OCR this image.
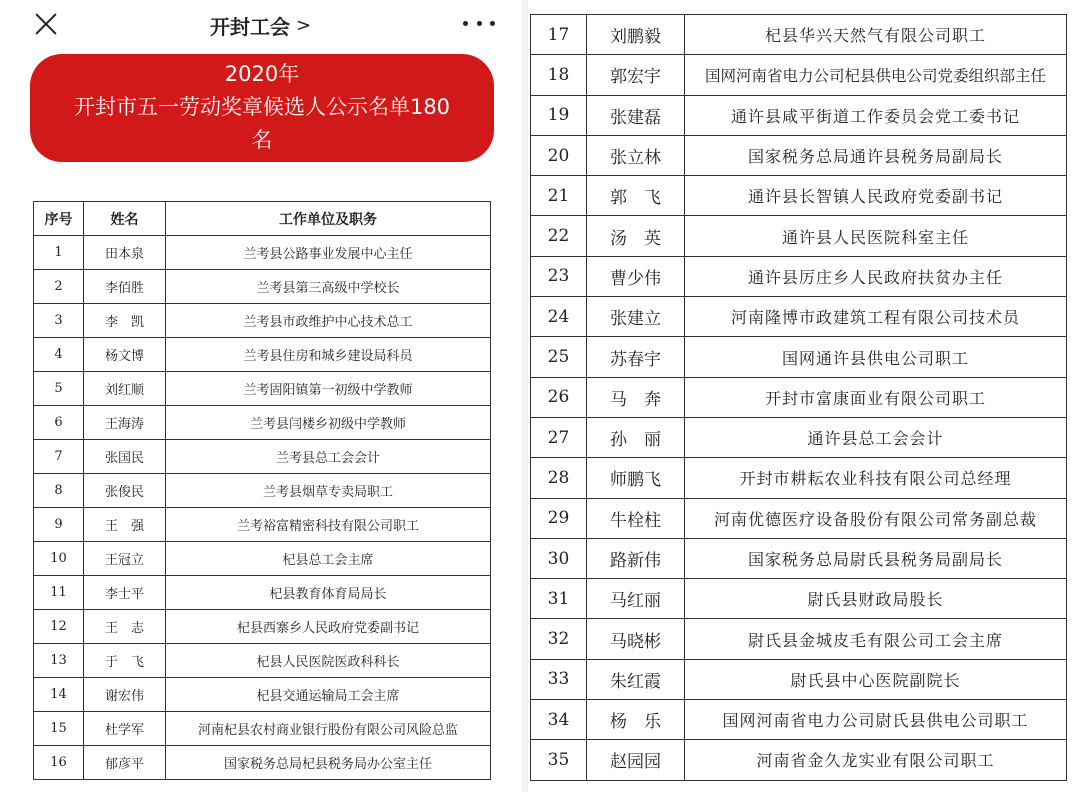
开封工会 >
2020年
开封市五一劳动奖章候选人公示名单180
名
序号	姓名	工作单位及职务
1	田本泉	兰考县公路事业发展中心主任
2	李佰胜	兰考县第三高级中学校长
3	李　凯	兰考县市政维护中心技术总工
4	杨文博	兰考县住房和城乡建设局科员
5	刘红顺	兰考固阳镇第一初级中学教师
6	王海涛	兰考县闫楼乡初级中学教师
7	张国民	兰考县总工会会计
8	张俊民	兰考县烟草专卖局职工
9	王　强	兰考裕富精密科技有限公司职工
10	王冠立	杞县总工会主席
11	李士平	杞县教育体育局局长
12	王　志	杞县西寨乡人民政府党委副书记
13	于　飞	杞县人民医院医政科科长
14	谢宏伟	杞县交通运输局工会主席
15	杜学军	河南杞县农村商业银行股份有限公司风险总监
16	郁彦平	国家税务总局杞县税务局办公室主任
17	刘鹏毅	杞县华兴天然气有限公司职工
18	郭宏宇	国网河南省电力公司杞县供电公司党委组织部主任
19	张建磊	通许县咸平街道工作委员会党工委书记
20	张立林	国家税务总局通许县税务局副局长
21	郭　飞	通许县长智镇人民政府党委副书记
22	汤　英	通许县人民医院科室主任
23	曹少伟	通许县厉庄乡人民政府扶贫办主任
24	张建立	河南隆博市政建筑工程有限公司技术员
25	苏春宇	国网通许县供电公司职工
26	马　奔	开封市富康面业有限公司职工
27	孙　丽	通许县总工会会计
28	师鹏飞	开封市耕耘农业科技有限公司总经理
29	牛栓柱	河南优德医疗设备股份有限公司常务副总裁
30	路新伟	国家税务总局尉氏县税务局副局长
31	马红丽	尉氏县财政局股长
32	马晓彬	尉氏县金城皮毛有限公司工会主席
33	朱红霞	尉氏县中心医院副院长
34	杨　乐	国网河南省电力公司尉氏县供电公司职工
35	赵园园	河南省金久龙实业有限公司职工
